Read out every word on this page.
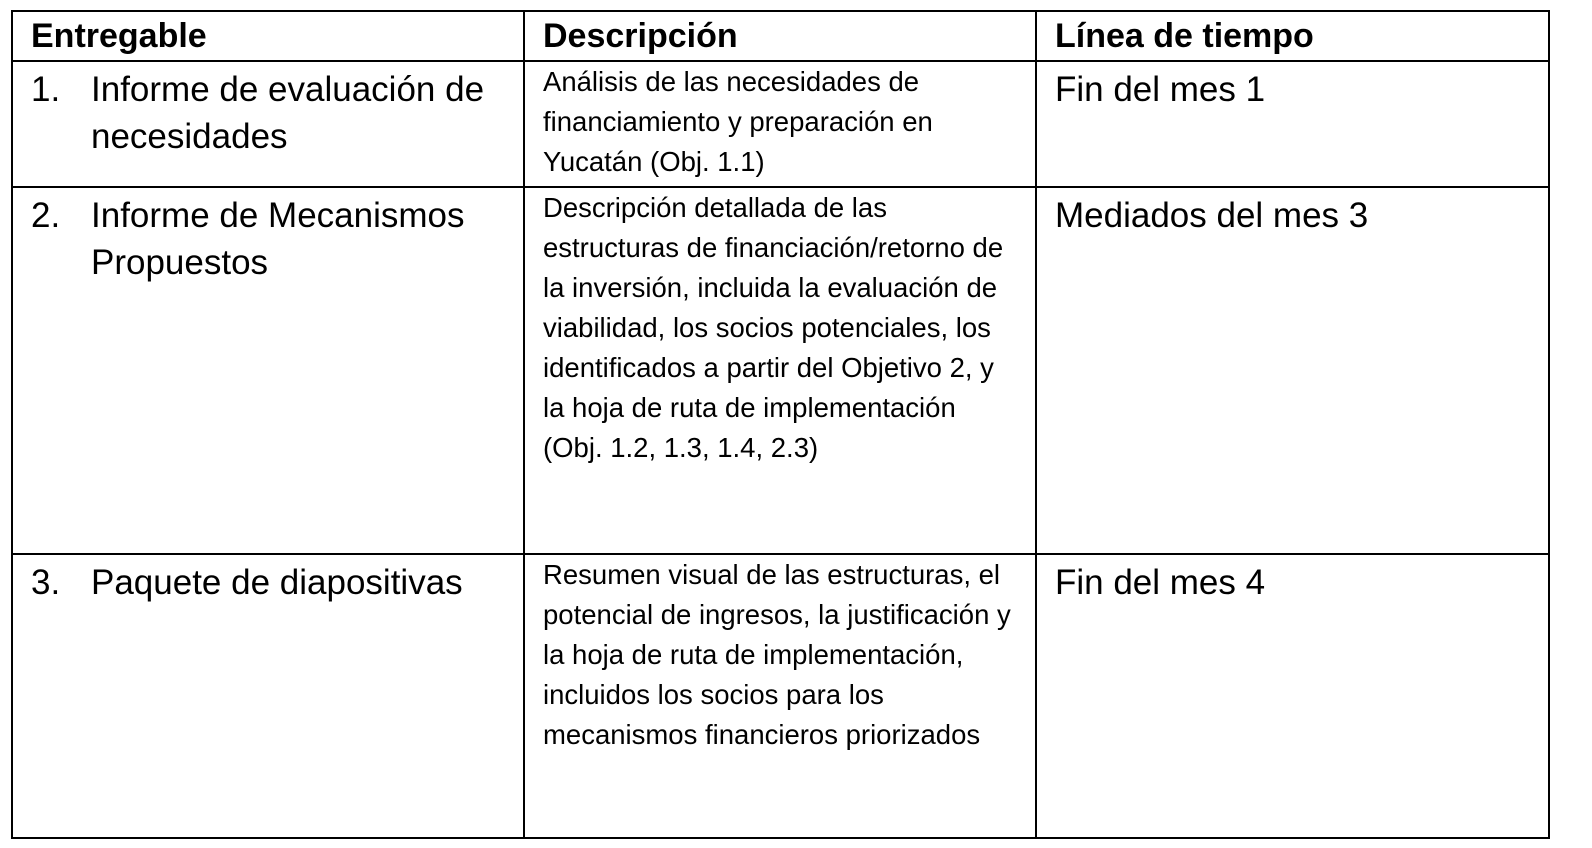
Entregable	Descripción	Línea de tiempo

1. Informe de evaluación de necesidades	Análisis de las necesidades de financiamiento y preparación en Yucatán (Obj. 1.1)	Fin del mes 1

2. Informe de Mecanismos Propuestos	Descripción detallada de las estructuras de financiación/retorno de la inversión, incluida la evaluación de viabilidad, los socios potenciales, los identificados a partir del Objetivo 2, y la hoja de ruta de implementación (Obj. 1.2, 1.3, 1.4, 2.3)	Mediados del mes 3

3. Paquete de diapositivas	Resumen visual de las estructuras, el potencial de ingresos, la justificación y la hoja de ruta de implementación, incluidos los socios para los mecanismos financieros priorizados	Fin del mes 4
